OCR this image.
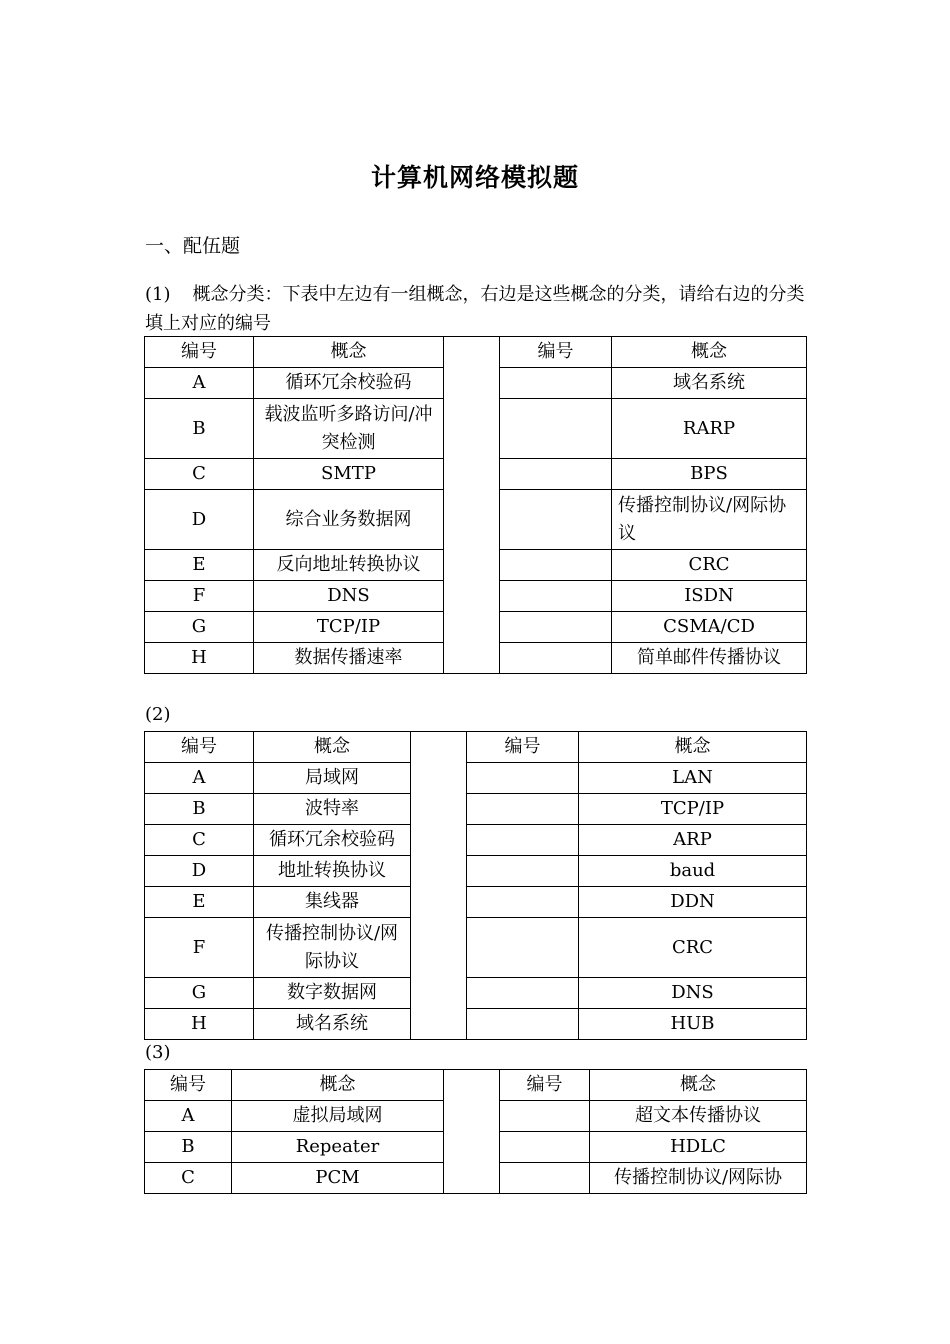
计算机网络模拟题
一、配伍题
(1) 概念分类：下表中左边有一组概念，右边是这些概念的分类，请给右边的分类填上对应的编号
编号	概念		编号	概念
A	循环冗余校验码			域名系统
B	载波监听多路访问/冲突检测			RARP
C	SMTP			BPS
D	综合业务数据网			传播控制协议/网际协议
E	反向地址转换协议			CRC
F	DNS			ISDN
G	TCP/IP			CSMA/CD
H	数据传播速率			简单邮件传播协议
(2)
编号	概念		编号	概念
A	局域网			LAN
B	波特率			TCP/IP
C	循环冗余校验码			ARP
D	地址转换协议			baud
E	集线器			DDN
F	传播控制协议/网际协议			CRC
G	数字数据网			DNS
H	域名系统			HUB
(3)
编号	概念		编号	概念
A	虚拟局域网			超文本传播协议
B	Repeater			HDLC
C	PCM			传播控制协议/网际协
